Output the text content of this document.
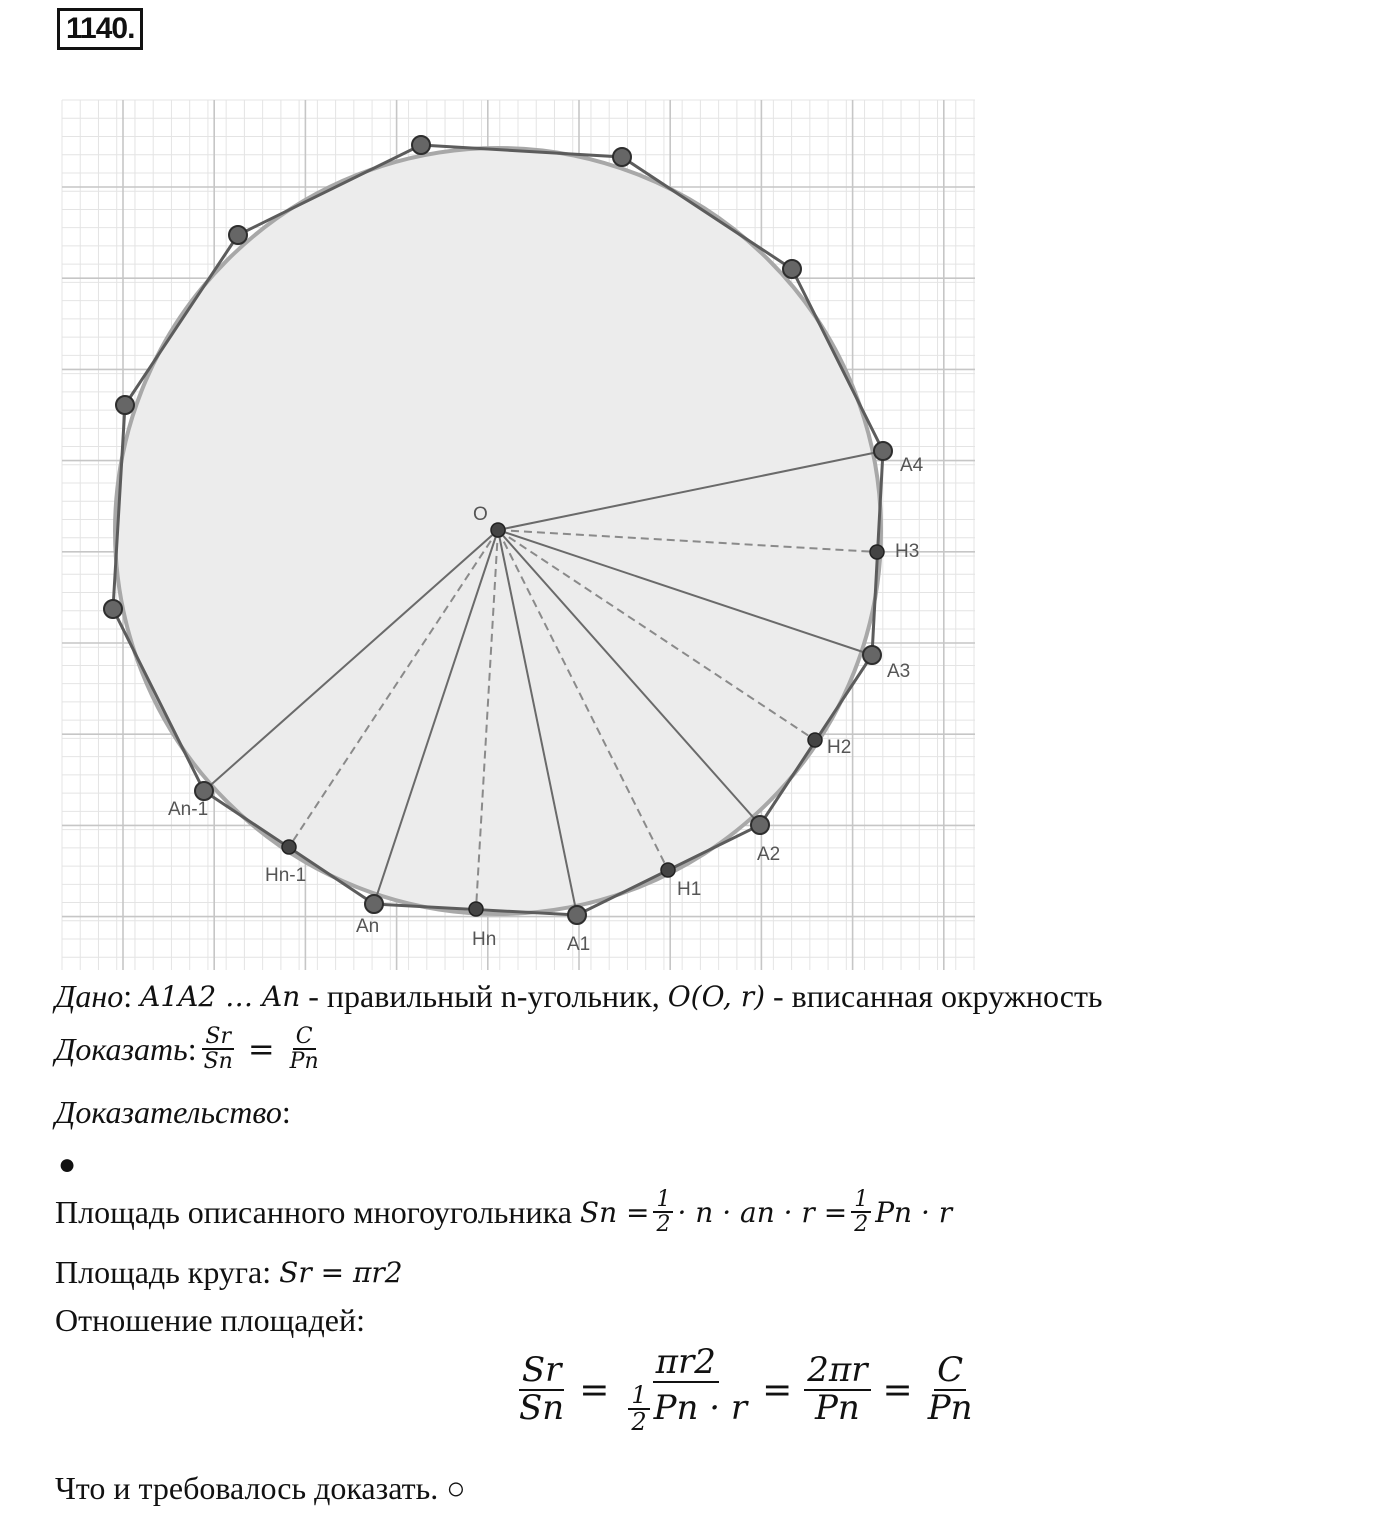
1140.
O
A4
H3
A3
H2
A2
H1
A1
Hn
An
Hn-1
An-1
Дано : A1A2 … An - правильный n-угольник, O(O, r) - вписанная окружность
Доказать : $\frac{Sr}{Sn} = \frac{C}{Pn}$
Доказательство :
●
Площадь описанного многоугольника $Sn = \frac{1}{2} \cdot n$ · an · $r = \frac{1}{2}$ Pn · r
Площадь круга: Sr = πr2
Отношение площадей:
$\frac{Sr}{Sn} = \frac{\pi r2}{\frac{1}{2} Pn \cdot r} = \frac{2\pi r}{Pn} = \frac{C}{Pn}$
Что и требовалось доказать. ○
